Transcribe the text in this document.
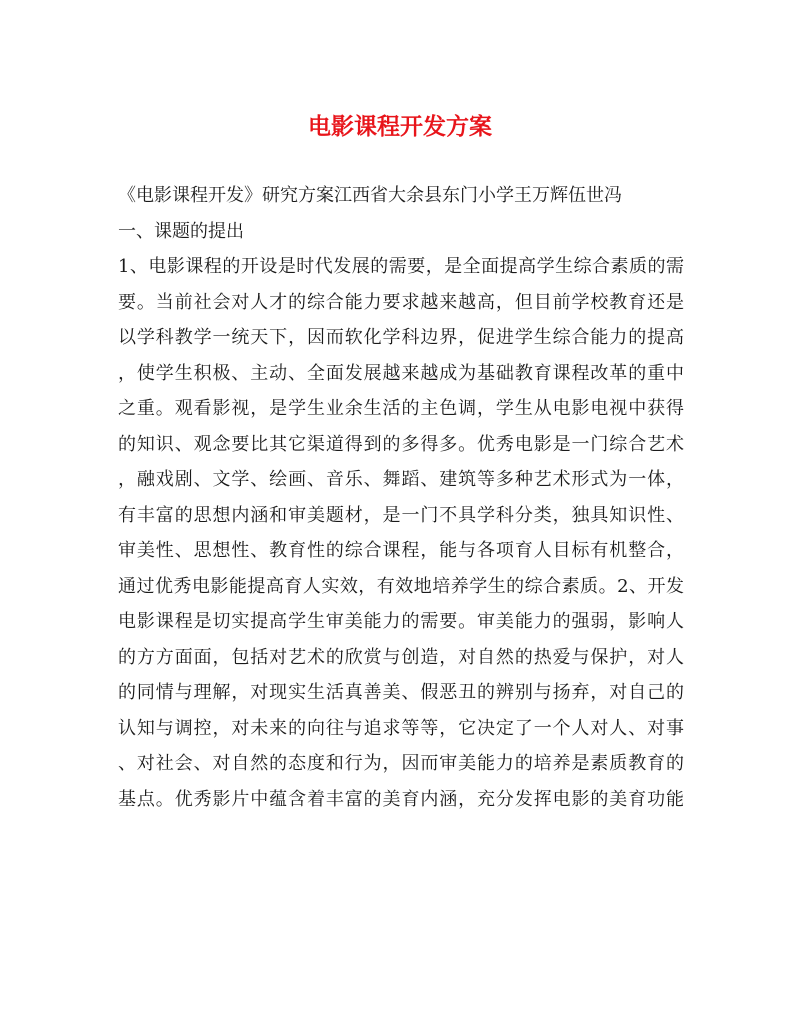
电影课程开发方案
《电影课程开发》研究方案江西省大余县东门小学王万辉伍世冯
一、课题的提出
1、电影课程的开设是时代发展的需要，是全面提高学生综合素质的需
要。当前社会对人才的综合能力要求越来越高，但目前学校教育还是
以学科教学一统天下，因而软化学科边界，促进学生综合能力的提高
，使学生积极、主动、全面发展越来越成为基础教育课程改革的重中
之重。观看影视，是学生业余生活的主色调，学生从电影电视中获得
的知识、观念要比其它渠道得到的多得多。优秀电影是一门综合艺术
，融戏剧、文学、绘画、音乐、舞蹈、建筑等多种艺术形式为一体，
有丰富的思想内涵和审美题材，是一门不具学科分类，独具知识性、
审美性、思想性、教育性的综合课程，能与各项育人目标有机整合，
通过优秀电影能提高育人实效，有效地培养学生的综合素质。2、开发
电影课程是切实提高学生审美能力的需要。审美能力的强弱，影响人
的方方面面，包括对艺术的欣赏与创造，对自然的热爱与保护，对人
的同情与理解，对现实生活真善美、假恶丑的辨别与扬弃，对自己的
认知与调控，对未来的向往与追求等等，它决定了一个人对人、对事
、对社会、对自然的态度和行为，因而审美能力的培养是素质教育的
基点。优秀影片中蕴含着丰富的美育内涵，充分发挥电影的美育功能
